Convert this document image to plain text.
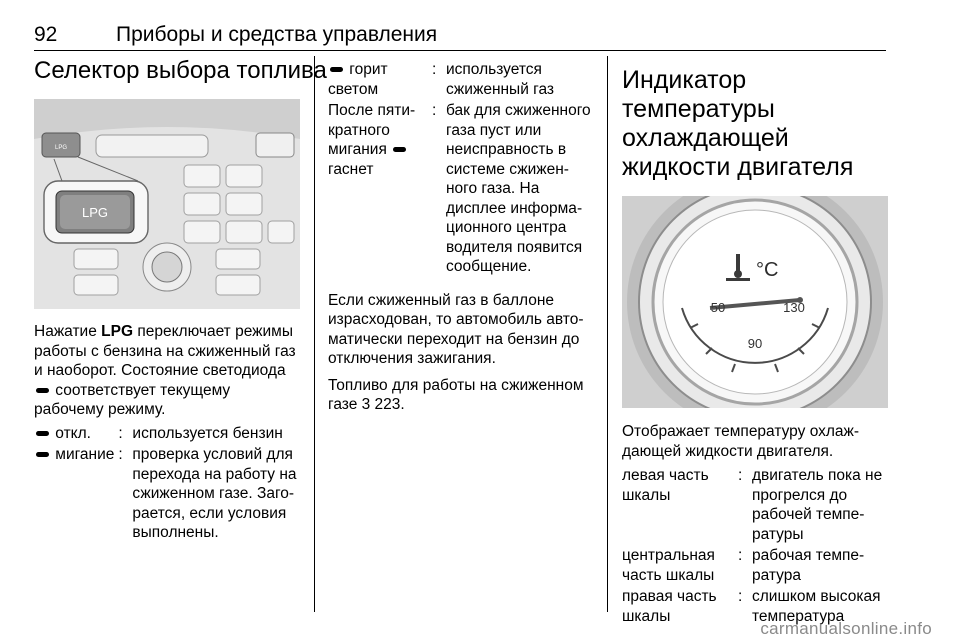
92	Приборы и средства управления
Селектор выбора топлива
LPG
LPG

Нажатие LPG переключает режимы работы с бензина на сжиженный газ и наоборот. Состояние светодиода  соответствует текущему рабочему режиму.

откл.	: используется бензин
мигание : проверка условий для перехода на работу на сжиженном газе. Загорается, если условия выполнены.
горит светом
: используется сжиженный газ
После пятикратного мигания  гаснет
: бак для сжиженного газа пуст или неисправность в системе сжиженного газа. На дисплее информационного центра водителя появится сообщение.

Если сжиженный газ в баллоне израсходован, то автомобиль автоматически переходит на бензин до отключения зажигания.

Топливо для работы на сжиженном газе 3 223.

Индикатор температуры охлаждающей жидкости двигателя
°C
50	130
90

Отображает температуру охлаждающей жидкости двигателя.

левая часть шкалы
: двигатель пока не прогрелся до рабочей температуры
центральная часть шкалы
: рабочая температура
правая часть шкалы
: слишком высокая температура
carmanualsonline.info
